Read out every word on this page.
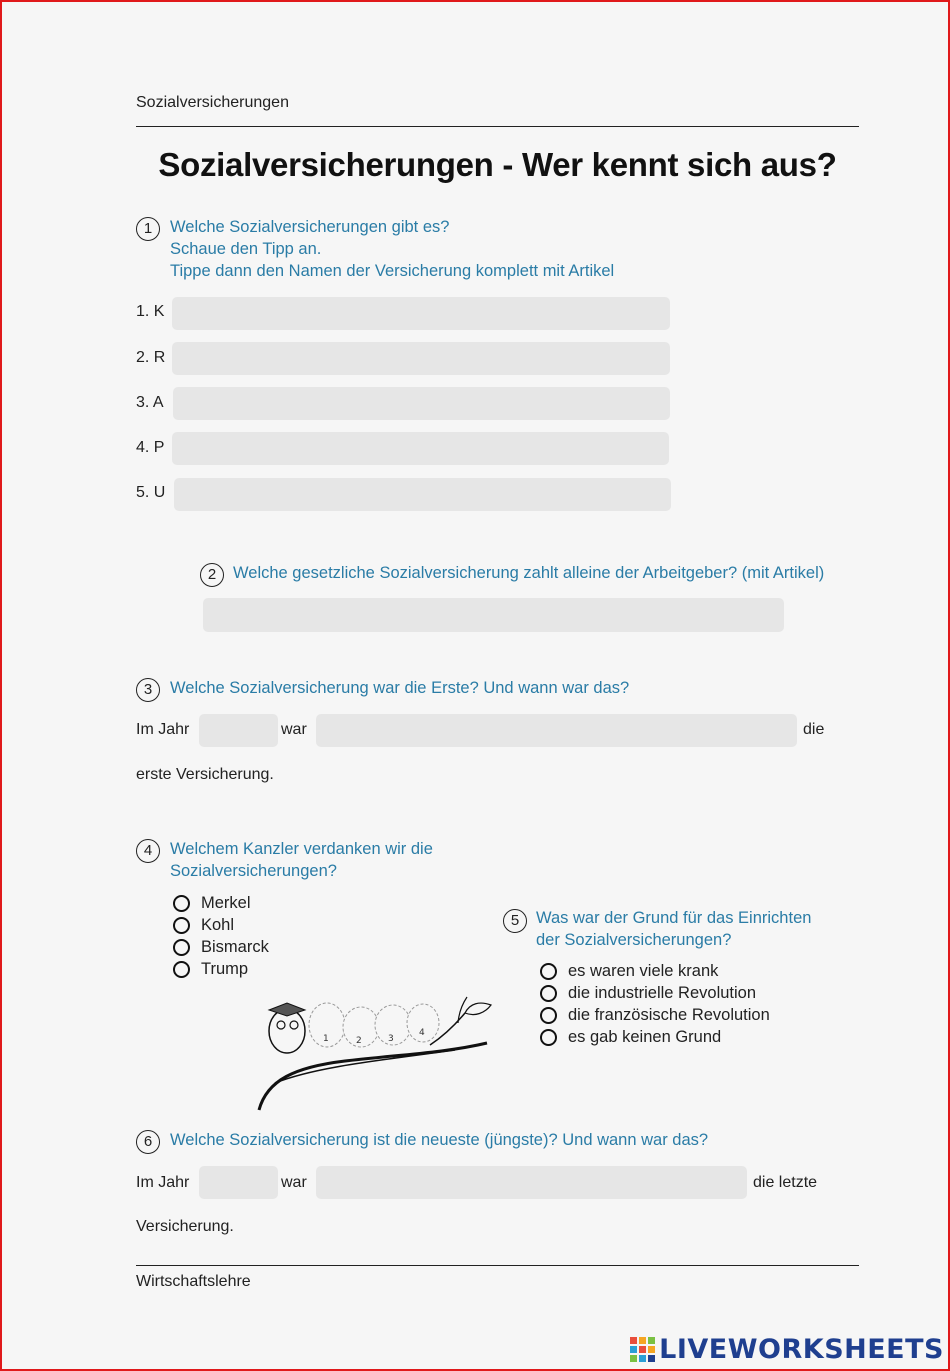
Sozialversicherungen
Sozialversicherungen - Wer kennt sich aus?
1	Welche Sozialversicherungen gibt es?
Schaue den Tipp an.
Tippe dann den Namen der Versicherung komplett mit Artikel
1. K
2. R
3. A
4. P
5. U
2	Welche gesetzliche Sozialversicherung zahlt alleine der Arbeitgeber? (mit Artikel)
3	Welche Sozialversicherung war die Erste? Und wann war das?
Im Jahr	war	die
erste Versicherung.
4	Welchem Kanzler verdanken wir die
Sozialversicherungen?
Merkel
Kohl
Bismarck
Trump
5	Was war der Grund für das Einrichten
der Sozialversicherungen?
es waren viele krank
die industrielle Revolution
die französische Revolution
es gab keinen Grund
1	2	3
4
6	Welche Sozialversicherung ist die neueste (jüngste)? Und wann war das?
Im Jahr	war	die letzte
Versicherung.
Wirtschaftslehre
LIVEWORKSHEETS
